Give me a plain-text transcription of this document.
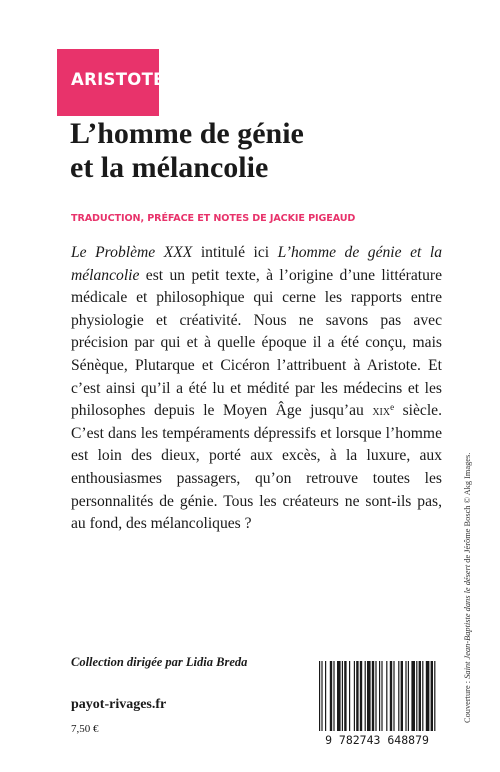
ARISTOTE
L’homme de génie
et la mélancolie
TRADUCTION, PRÉFACE ET NOTES DE JACKIE PIGEAUD
Le Problème XXX intitulé ici L’homme de génie et la mélancolie est un petit texte, à l’origine d’une littérature médicale et philosophique qui cerne les rapports entre physiologie et créativité. Nous ne savons pas avec précision par qui et à quelle époque il a été conçu, mais Sénèque, Plutarque et Cicéron l’attribuent à Aristote. Et c’est ainsi qu’il a été lu et médité par les médecins et les philosophes depuis le Moyen Âge jusqu’au xix$^e$ siècle. C’est dans les tempéraments dépressifs et lorsque l’homme est loin des dieux, porté aux excès, à la luxure, aux enthousiasmes passagers, qu’on retrouve toutes les personnalités de génie. Tous les créateurs ne sont-ils pas, au fond, des mélancoliques ?
Collection dirigée par Lidia Breda
payot-rivages.fr
7,50 €
9 782743 648879
Couverture : Saint Jean-Baptiste dans le désert de Jérôme Bosch © Akg Images.
